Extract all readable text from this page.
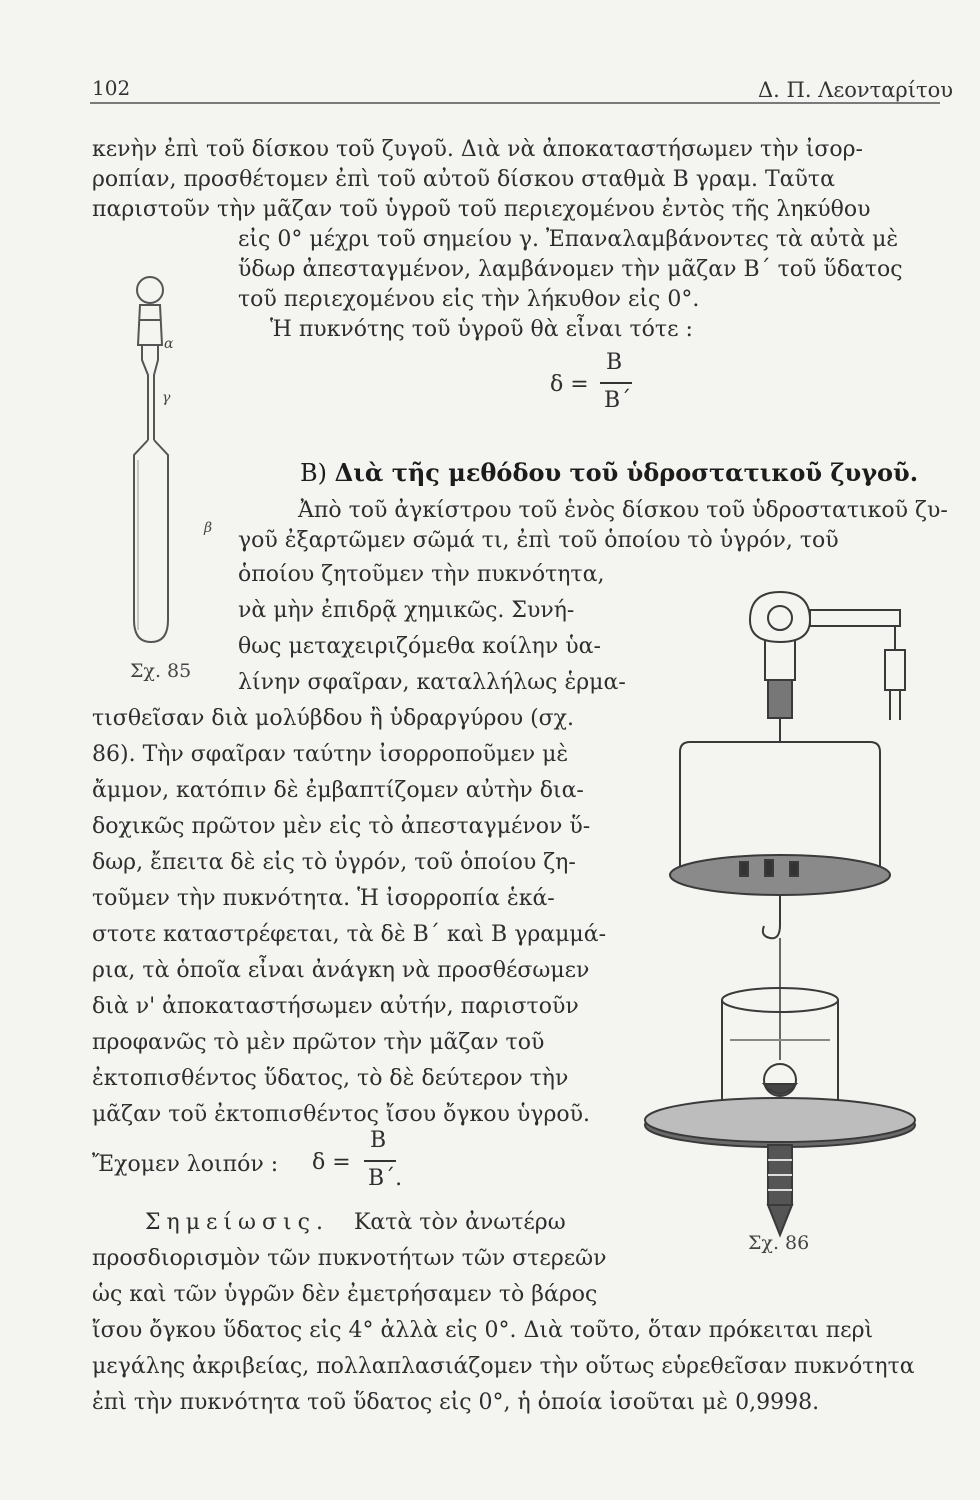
102	Δ. Π. Λεονταρίτου
κενὴν ἐπὶ τοῦ δίσκου τοῦ ζυγοῦ. Διὰ νὰ ἀποκαταστήσωμεν τὴν ἰσορ-
ροπίαν, προσθέτομεν ἐπὶ τοῦ αὐτοῦ δίσκου σταθμὰ Β γραμ. Ταῦτα
παριστοῦν τὴν μᾶζαν τοῦ ὑγροῦ τοῦ περιεχομένου ἐντὸς τῆς ληκύθου
εἰς 0° μέχρι τοῦ σημείου γ. Ἐπαναλαμβάνοντες τὰ αὐτὰ μὲ
ὕδωρ ἀπεσταγμένον, λαμβάνομεν τὴν μᾶζαν Β΄ τοῦ ὕδατος
τοῦ περιεχομένου εἰς τὴν λήκυθον εἰς 0°.
Ἡ πυκνότης τοῦ ὑγροῦ θὰ εἶναι τότε :
δ =
Β
Β΄
Β) Διὰ τῆς μεθόδου τοῦ ὑδροστατικοῦ ζυγοῦ.
Ἀπὸ τοῦ ἀγκίστρου τοῦ ἑνὸς δίσκου τοῦ ὑδροστατικοῦ ζυ-
γοῦ ἐξαρτῶμεν σῶμά τι, ἐπὶ τοῦ ὁποίου τὸ ὑγρόν, τοῦ
ὁποίου ζητοῦμεν τὴν πυκνότητα,
νὰ μὴν ἐπιδρᾷ χημικῶς. Συνή-
θως μεταχειριζόμεθα κοίλην ὑα-
λίνην σφαῖραν, καταλλήλως ἑρμα-
τισθεῖσαν διὰ μολύβδου ἢ ὑδραργύρου (σχ.
86). Τὴν σφαῖραν ταύτην ἰσορροποῦμεν μὲ
ἄμμον, κατόπιν δὲ ἐμβαπτίζομεν αὐτὴν δια-
δοχικῶς πρῶτον μὲν εἰς τὸ ἀπεσταγμένον ὕ-
δωρ, ἔπειτα δὲ εἰς τὸ ὑγρόν, τοῦ ὁποίου ζη-
τοῦμεν τὴν πυκνότητα. Ἡ ἰσορροπία ἑκά-
στοτε καταστρέφεται, τὰ δὲ Β΄ καὶ Β γραμμά-
ρια, τὰ ὁποῖα εἶναι ἀνάγκη νὰ προσθέσωμεν
διὰ ν' ἀποκαταστήσωμεν αὐτήν, παριστοῦν
προφανῶς τὸ μὲν πρῶτον τὴν μᾶζαν τοῦ
ἐκτοπισθέντος ὕδατος, τὸ δὲ δεύτερον τὴν
μᾶζαν τοῦ ἐκτοπισθέντος ἴσου ὄγκου ὑγροῦ.
Ἔχομεν λοιπόν : δ =
Β
Β΄.
Σημείωσις. Κατὰ τὸν ἀνωτέρω
προσδιορισμὸν τῶν πυκνοτήτων τῶν στερεῶν
ὡς καὶ τῶν ὑγρῶν δὲν ἐμετρήσαμεν τὸ βάρος
ἴσου ὄγκου ὕδατος εἰς 4° ἀλλὰ εἰς 0°. Διὰ τοῦτο, ὅταν πρόκειται περὶ
μεγάλης ἀκριβείας, πολλαπλασιάζομεν τὴν οὕτως εὑρεθεῖσαν πυκνότητα
ἐπὶ τὴν πυκνότητα τοῦ ὕδατος εἰς 0°, ἡ ὁποία ἰσοῦται μὲ 0,9998.
α
γ
β
Σχ. 85
Σχ. 86
